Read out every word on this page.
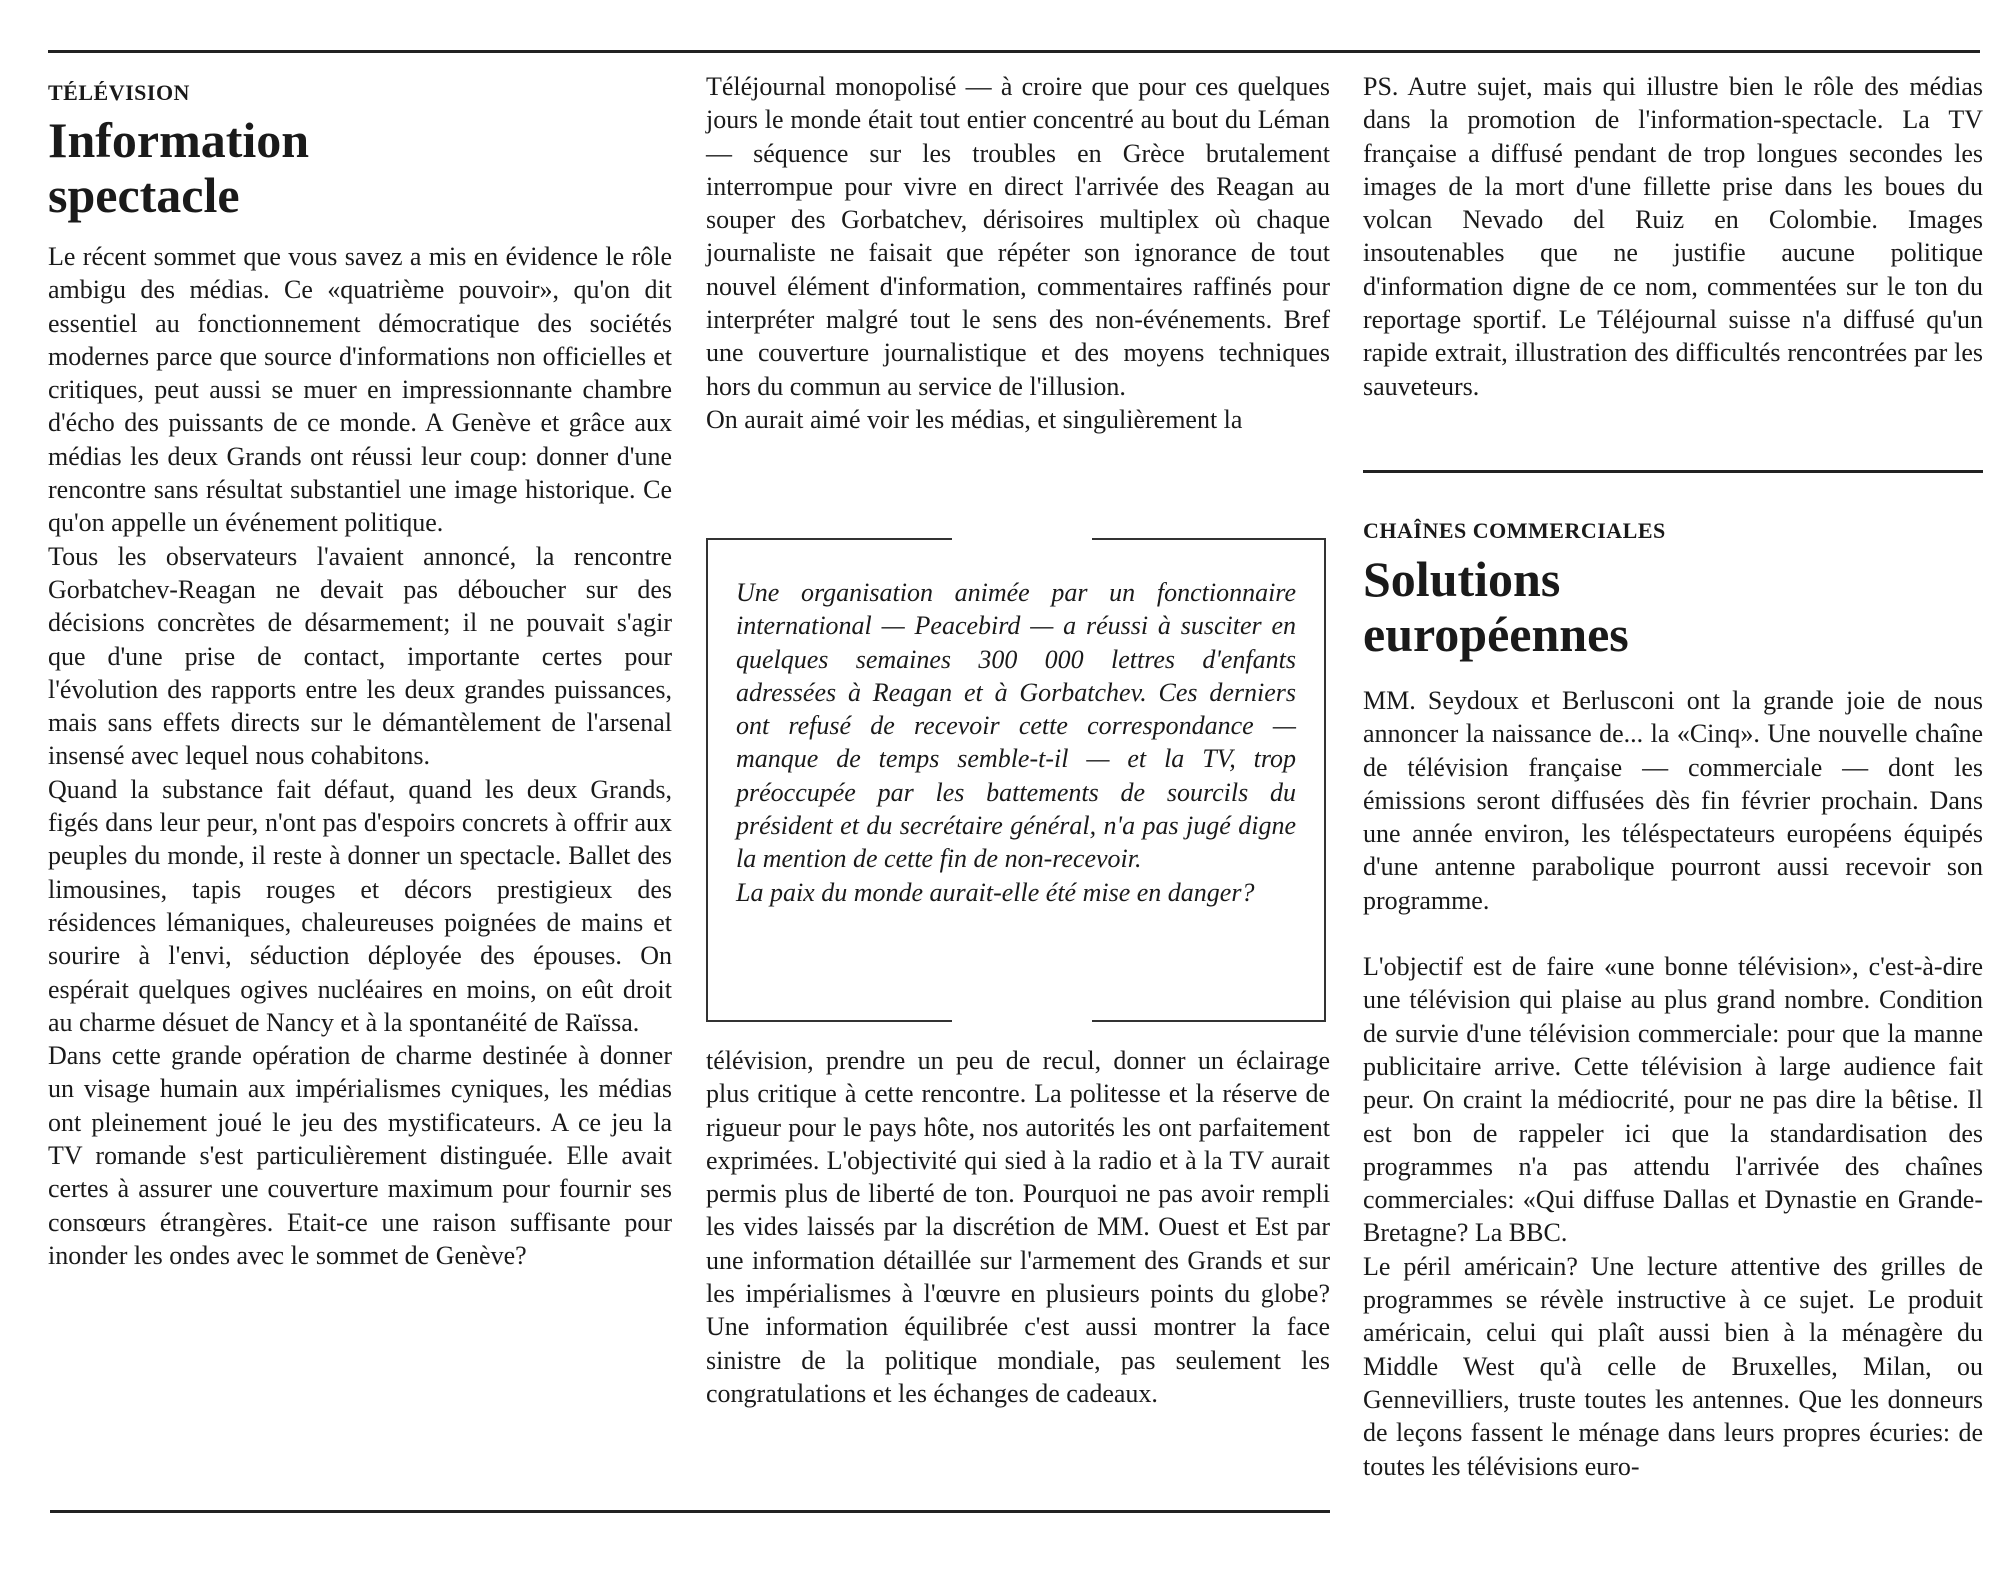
TÉLÉVISION
Information
spectacle

Le récent sommet que vous savez a mis en évidence le rôle ambigu des médias. Ce «quatrième pouvoir», qu'on dit essentiel au fonctionnement démocratique des sociétés modernes parce que source d'informations non officielles et critiques, peut aussi se muer en impressionnante chambre d'écho des puissants de ce monde. A Genève et grâce aux médias les deux Grands ont réussi leur coup: donner d'une rencontre sans résultat substantiel une image historique. Ce qu'on appelle un événement politique.

Tous les observateurs l'avaient annoncé, la rencontre Gorbatchev-Reagan ne devait pas déboucher sur des décisions concrètes de désarmement; il ne pouvait s'agir que d'une prise de contact, importante certes pour l'évolution des rapports entre les deux grandes puissances, mais sans effets directs sur le démantèlement de l'arsenal insensé avec lequel nous cohabitons.

Quand la substance fait défaut, quand les deux Grands, figés dans leur peur, n'ont pas d'espoirs concrets à offrir aux peuples du monde, il reste à donner un spectacle. Ballet des limousines, tapis rouges et décors prestigieux des résidences lémaniques, chaleureuses poignées de mains et sourire à l'envi, séduction déployée des épouses. On espérait quelques ogives nucléaires en moins, on eût droit au charme désuet de Nancy et à la spontanéité de Raïssa.

Dans cette grande opération de charme destinée à donner un visage humain aux impérialismes cyniques, les médias ont pleinement joué le jeu des mystificateurs. A ce jeu la TV romande s'est particulièrement distinguée. Elle avait certes à assurer une couverture maximum pour fournir ses consœurs étrangères. Etait-ce une raison suffisante pour inonder les ondes avec le sommet de Genève?

Téléjournal monopolisé — à croire que pour ces quelques jours le monde était tout entier concentré au bout du Léman — séquence sur les troubles en Grèce brutalement interrompue pour vivre en direct l'arrivée des Reagan au souper des Gorbatchev, dérisoires multiplex où chaque journaliste ne faisait que répéter son ignorance de tout nouvel élément d'information, commentaires raffinés pour interpréter malgré tout le sens des non-événements. Bref une couverture journalistique et des moyens techniques hors du commun au service de l'illusion.

On aurait aimé voir les médias, et singulièrement la

télévision, prendre un peu de recul, donner un éclairage plus critique à cette rencontre. La politesse et la réserve de rigueur pour le pays hôte, nos autorités les ont parfaitement exprimées. L'objectivité qui sied à la radio et à la TV aurait permis plus de liberté de ton. Pourquoi ne pas avoir rempli les vides laissés par la discrétion de MM. Ouest et Est par une information détaillée sur l'armement des Grands et sur les impérialismes à l'œuvre en plusieurs points du globe? Une information équilibrée c'est aussi montrer la face sinistre de la politique mondiale, pas seulement les congratulations et les échanges de cadeaux.

Une organisation animée par un fonctionnaire international — Peacebird — a réussi à susciter en quelques semaines 300 000 lettres d'enfants adressées à Reagan et à Gorbatchev. Ces derniers ont refusé de recevoir cette correspondance — manque de temps semble-t-il — et la TV, trop préoccupée par les battements de sourcils du président et du secrétaire général, n'a pas jugé digne la mention de cette fin de non-recevoir.

La paix du monde aurait-elle été mise en danger?

PS. Autre sujet, mais qui illustre bien le rôle des médias dans la promotion de l'information-spectacle. La TV française a diffusé pendant de trop longues secondes les images de la mort d'une fillette prise dans les boues du volcan Nevado del Ruiz en Colombie. Images insoutenables que ne justifie aucune politique d'information digne de ce nom, commentées sur le ton du reportage sportif. Le Téléjournal suisse n'a diffusé qu'un rapide extrait, illustration des difficultés rencontrées par les sauveteurs.

CHAÎNES COMMERCIALES
Solutions
européennes

MM. Seydoux et Berlusconi ont la grande joie de nous annoncer la naissance de... la «Cinq». Une nouvelle chaîne de télévision française — commerciale — dont les émissions seront diffusées dès fin février prochain. Dans une année environ, les téléspectateurs européens équipés d'une antenne parabolique pourront aussi recevoir son programme.

L'objectif est de faire «une bonne télévision», c'est-à-dire une télévision qui plaise au plus grand nombre. Condition de survie d'une télévision commerciale: pour que la manne publicitaire arrive. Cette télévision à large audience fait peur. On craint la médiocrité, pour ne pas dire la bêtise. Il est bon de rappeler ici que la standardisation des programmes n'a pas attendu l'arrivée des chaînes commerciales: «Qui diffuse Dallas et Dynastie en Grande-Bretagne? La BBC.

Le péril américain? Une lecture attentive des grilles de programmes se révèle instructive à ce sujet. Le produit américain, celui qui plaît aussi bien à la ménagère du Middle West qu'à celle de Bruxelles, Milan, ou Gennevilliers, truste toutes les antennes. Que les donneurs de leçons fassent le ménage dans leurs propres écuries: de toutes les télévisions euro-
